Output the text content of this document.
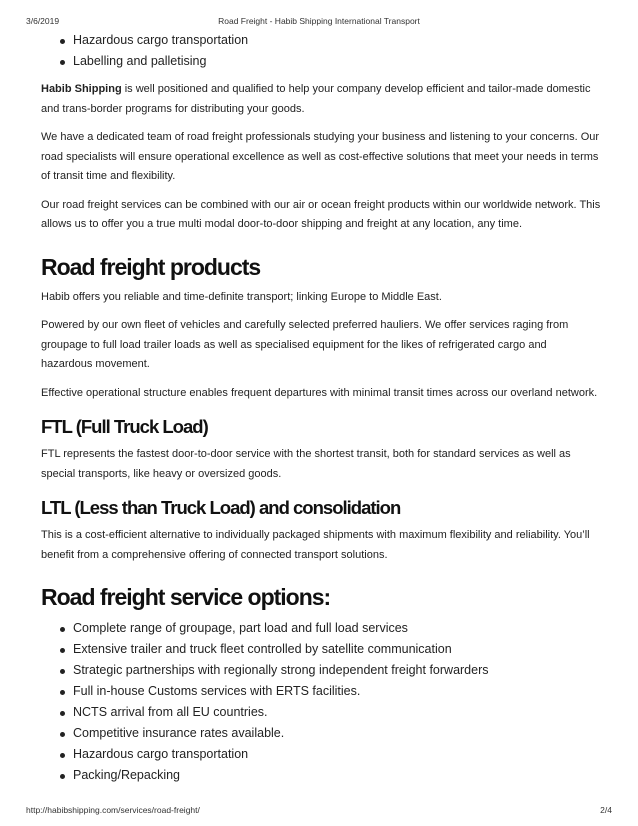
3/6/2019	Road Freight - Habib Shipping International Transport
Hazardous cargo transportation
Labelling and palletising

Habib Shipping is well positioned and qualified to help your company develop efficient and tailor-made domestic and trans-border programs for distributing your goods.

We have a dedicated team of road freight professionals studying your business and listening to your concerns. Our road specialists will ensure operational excellence as well as cost-effective solutions that meet your needs in terms of transit time and flexibility.

Our road freight services can be combined with our air or ocean freight products within our worldwide network. This allows us to offer you a true multi modal door-to-door shipping and freight at any location, any time.

Road freight products

Habib offers you reliable and time-definite transport; linking Europe to Middle East.

Powered by our own fleet of vehicles and carefully selected preferred hauliers. We offer services raging from groupage to full load trailer loads as well as specialised equipment for the likes of refrigerated cargo and hazardous movement.

Effective operational structure enables frequent departures with minimal transit times across our overland network.

FTL (Full Truck Load)

FTL represents the fastest door-to-door service with the shortest transit, both for standard services as well as special transports, like heavy or oversized goods.

LTL (Less than Truck Load) and consolidation

This is a cost-efficient alternative to individually packaged shipments with maximum flexibility and reliability. You’ll benefit from a comprehensive offering of connected transport solutions.

Road freight service options:
Complete range of groupage, part load and full load services
Extensive trailer and truck fleet controlled by satellite communication
Strategic partnerships with regionally strong independent freight forwarders
Full in-house Customs services with ERTS facilities.
NCTS arrival from all EU countries.
Competitive insurance rates available.
Hazardous cargo transportation
Packing/Repacking
http://habibshipping.com/services/road-freight/	2/4
